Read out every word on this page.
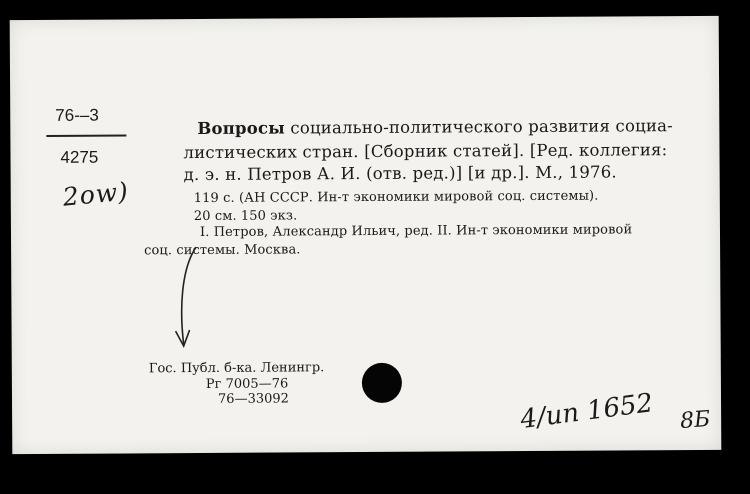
76-–3
4275
2ow)
Вопросы социально-политического развития социа-
листических стран. [Сборник статей]. [Ред. коллегия:
д. э. н. Петров А. И. (отв. ред.)] [и др.]. М., 1976.
119 с. (АН СССР. Ин-т экономики мировой соц. системы).
20 см. 150 экз.
I. Петров, Александр Ильич, ред. II. Ин-т экономики мировой
соц. системы. Москва.
Гос. Публ. б-ка. Ленингр.
Рг 7005—76
76—33092	4/ип 1652 8Б
